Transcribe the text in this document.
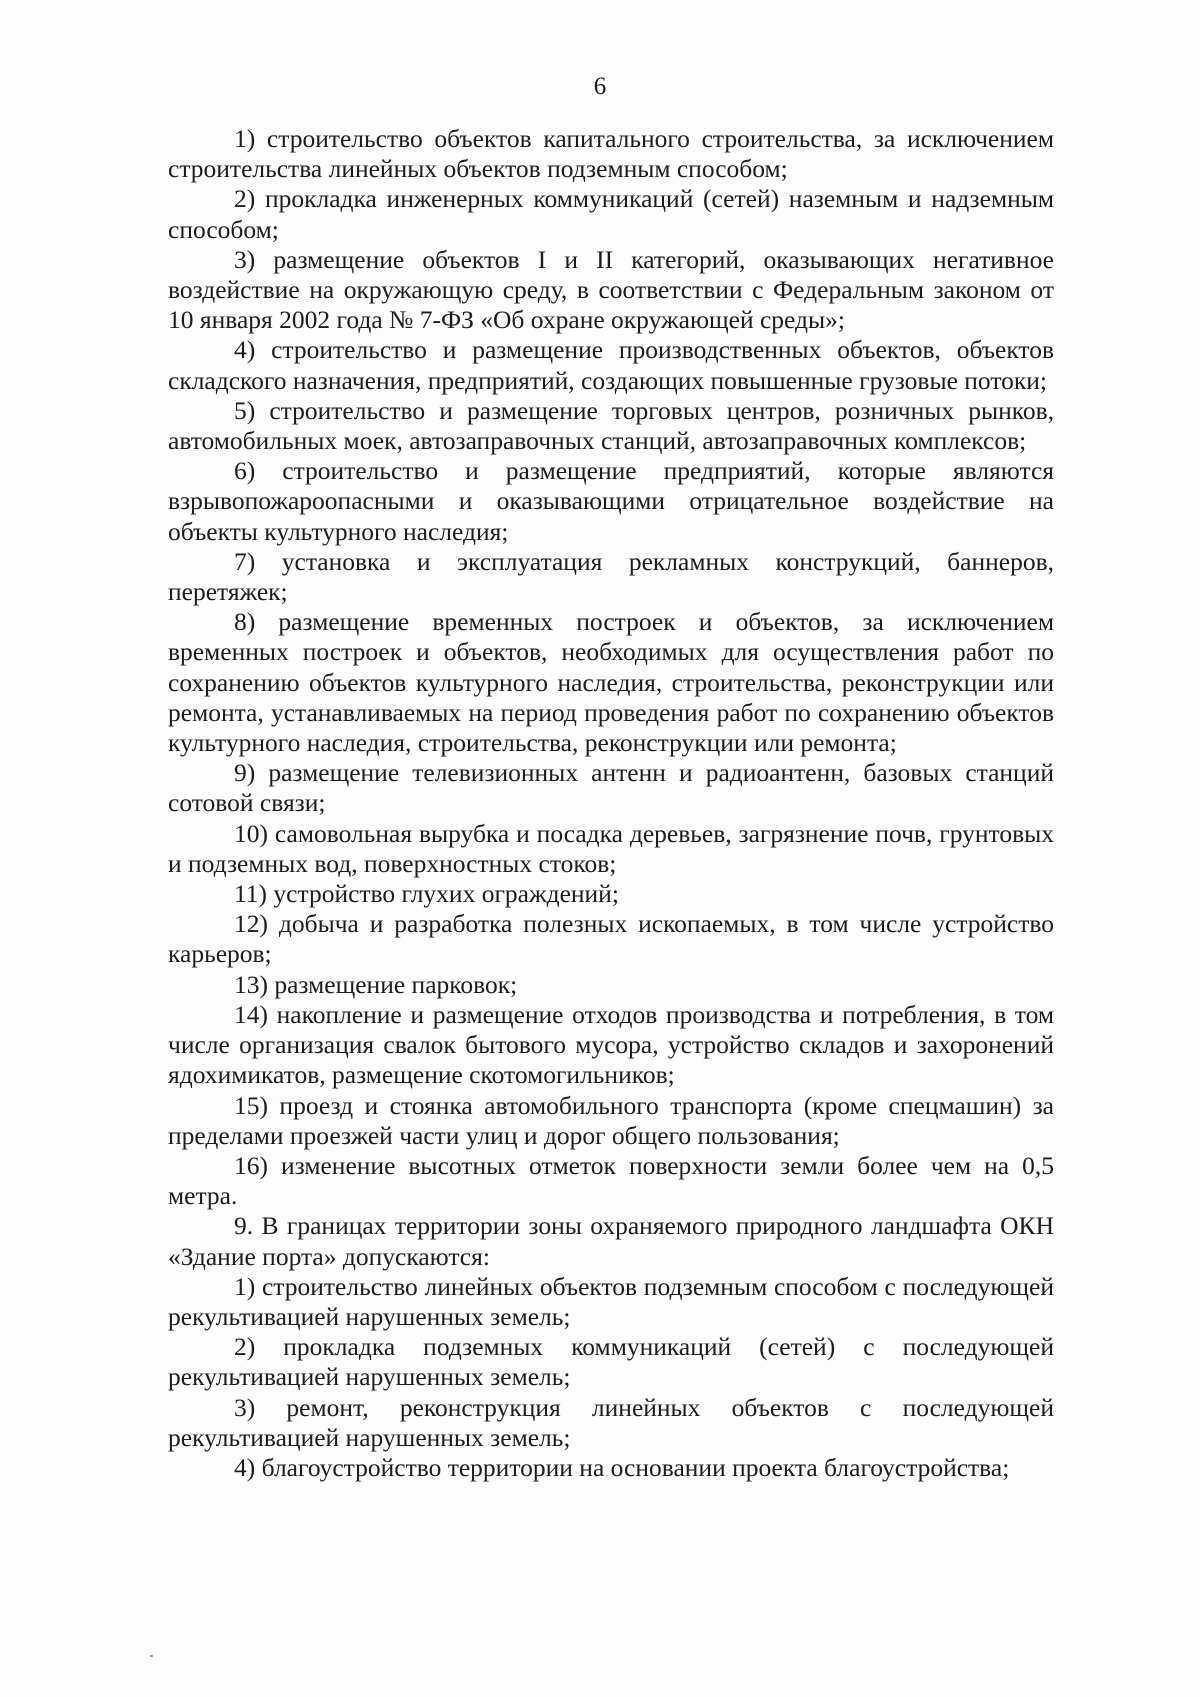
6

1) строительство объектов капитального строительства, за исключением строительства линейных объектов подземным способом;

2) прокладка инженерных коммуникаций (сетей) наземным и надземным способом;

3) размещение объектов I и II категорий, оказывающих негативное воздействие на окружающую среду, в соответствии с Федеральным законом от 10 января 2002 года № 7-ФЗ «Об охране окружающей среды»;

4) строительство и размещение производственных объектов, объектов складского назначения, предприятий, создающих повышенные грузовые потоки;

5) строительство и размещение торговых центров, розничных рынков, автомобильных моек, автозаправочных станций, автозаправочных комплексов;

6) строительство и размещение предприятий, которые являются взрывопожароопасными и оказывающими отрицательное воздействие на объекты культурного наследия;

7) установка и эксплуатация рекламных конструкций, баннеров, перетяжек;

8) размещение временных построек и объектов, за исключением временных построек и объектов, необходимых для осуществления работ по сохранению объектов культурного наследия, строительства, реконструкции или ремонта, устанавливаемых на период проведения работ по сохранению объектов культурного наследия, строительства, реконструкции или ремонта;

9) размещение телевизионных антенн и радиоантенн, базовых станций сотовой связи;

10) самовольная вырубка и посадка деревьев, загрязнение почв, грунтовых и подземных вод, поверхностных стоков;

11) устройство глухих ограждений;

12) добыча и разработка полезных ископаемых, в том числе устройство карьеров;

13) размещение парковок;

14) накопление и размещение отходов производства и потребления, в том числе организация свалок бытового мусора, устройство складов и захоронений ядохимикатов, размещение скотомогильников;

15) проезд и стоянка автомобильного транспорта (кроме спецмашин) за пределами проезжей части улиц и дорог общего пользования;

16) изменение высотных отметок поверхности земли более чем на 0,5 метра.

9. В границах территории зоны охраняемого природного ландшафта ОКН «Здание порта» допускаются:

1) строительство линейных объектов подземным способом с последующей рекультивацией нарушенных земель;

2) прокладка подземных коммуникаций (сетей) с последующей рекультивацией нарушенных земель;

3) ремонт, реконструкция линейных объектов с последующей рекультивацией нарушенных земель;

4) благоустройство территории на основании проекта благоустройства;
